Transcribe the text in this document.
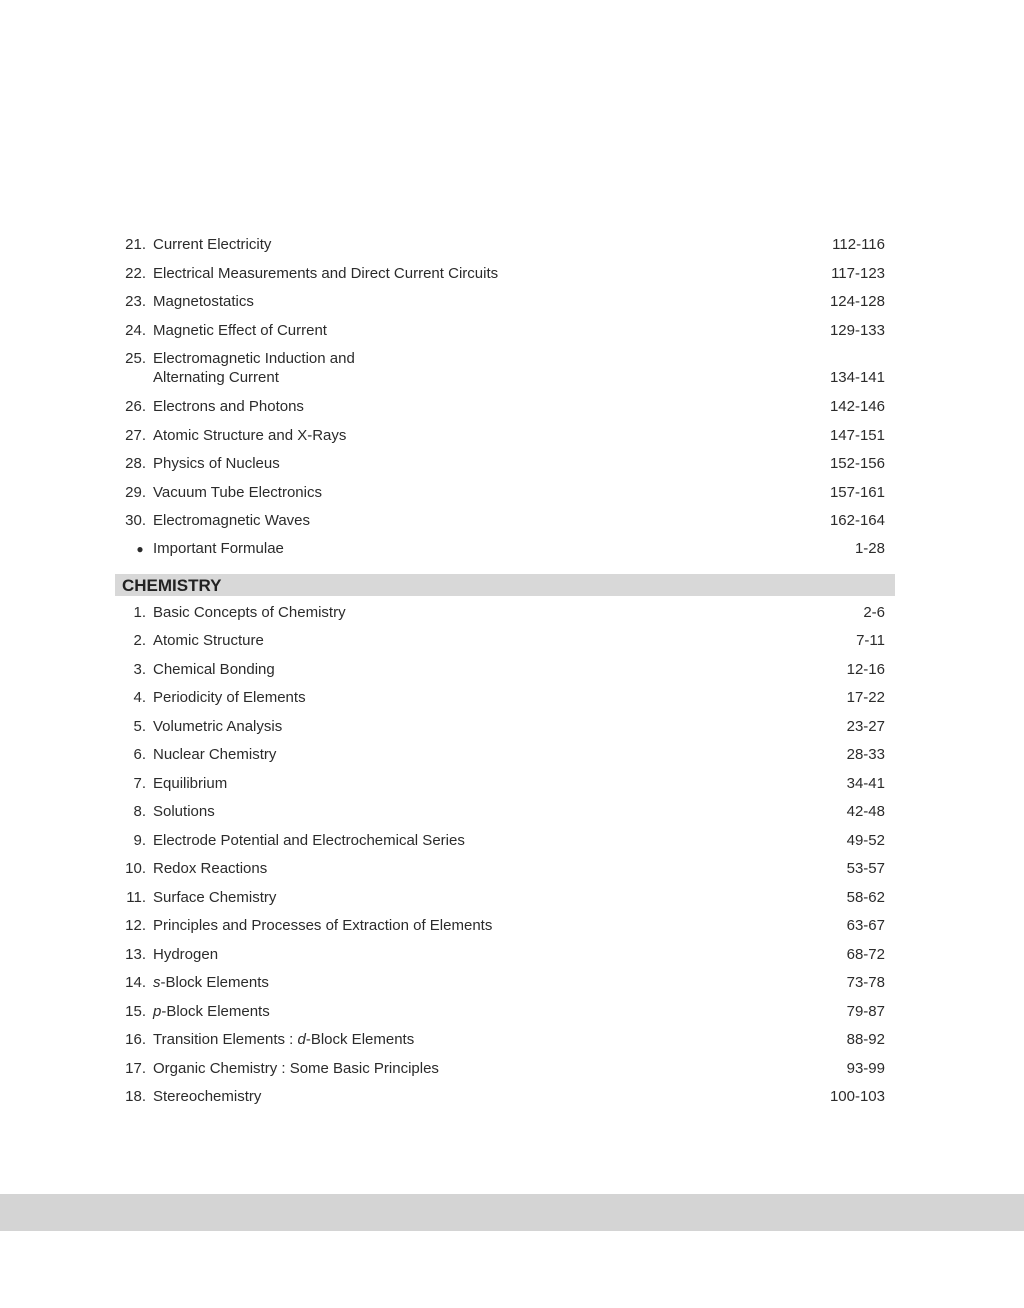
21. Current Electricity	112-116
22. Electrical Measurements and Direct Current Circuits	117-123
23. Magnetostatics	124-128
24. Magnetic Effect of Current	129-133
25. Electromagnetic Induction and
Alternating Current	134-141
26. Electrons and Photons	142-146
27. Atomic Structure and X-Rays	147-151
28. Physics of Nucleus	152-156
29. Vacuum Tube Electronics	157-161
30. Electromagnetic Waves	162-164
● Important Formulae	1-28
CHEMISTRY
1. Basic Concepts of Chemistry	2-6
2. Atomic Structure	7-11
3. Chemical Bonding	12-16
4. Periodicity of Elements	17-22
5. Volumetric Analysis	23-27
6. Nuclear Chemistry	28-33
7. Equilibrium	34-41
8. Solutions	42-48
9. Electrode Potential and Electrochemical Series	49-52
10. Redox Reactions	53-57
11. Surface Chemistry	58-62
12. Principles and Processes of Extraction of Elements	63-67
13. Hydrogen	68-72
14. s-Block Elements	73-78
15. p-Block Elements	79-87
16. Transition Elements : d-Block Elements	88-92
17. Organic Chemistry : Some Basic Principles	93-99
18. Stereochemistry	100-103
